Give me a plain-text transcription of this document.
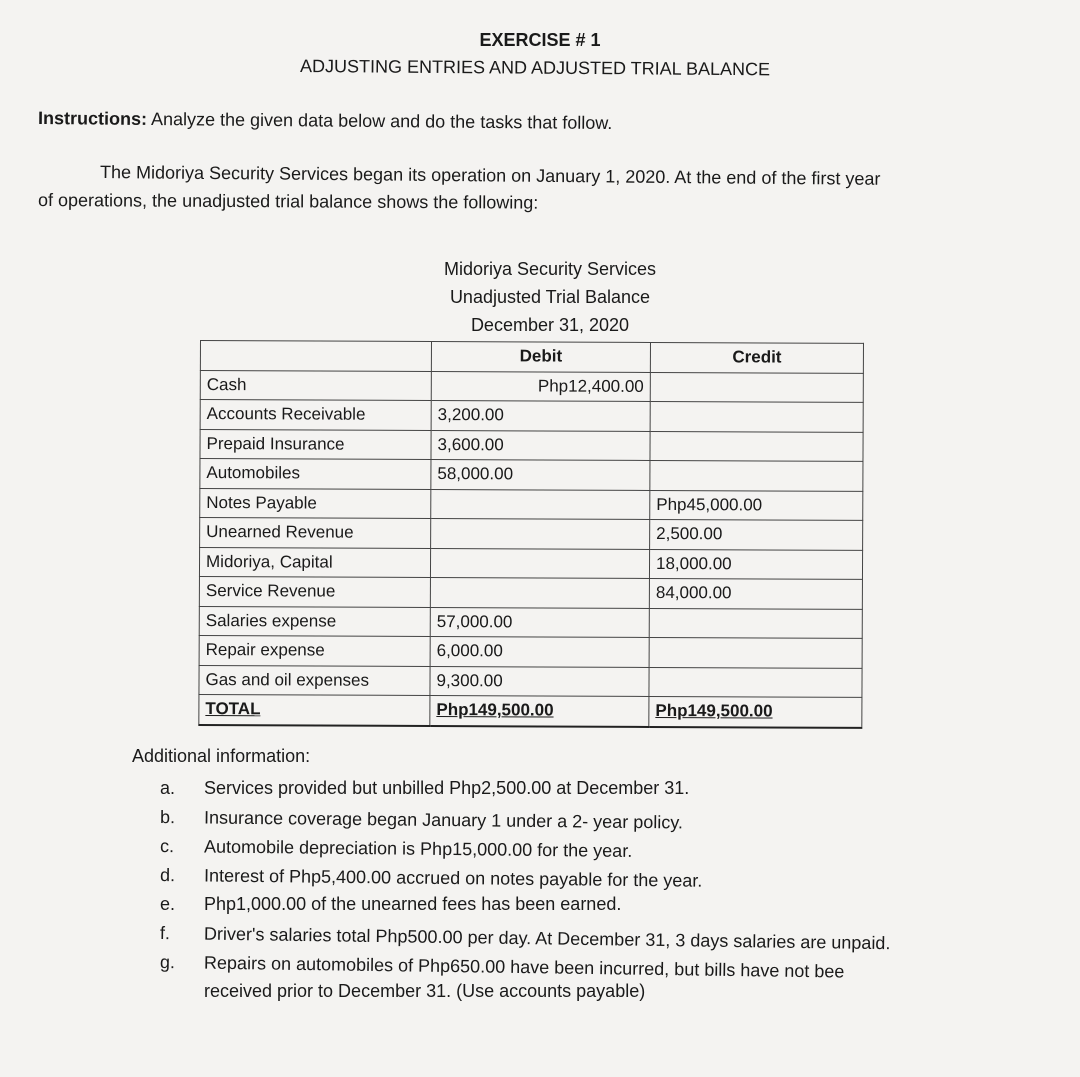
EXERCISE # 1
ADJUSTING ENTRIES AND ADJUSTED TRIAL BALANCE
Instructions: Analyze the given data below and do the tasks that follow.
The Midoriya Security Services began its operation on January 1, 2020. At the end of the first year
of operations, the unadjusted trial balance shows the following:
Midoriya Security Services
Unadjusted Trial Balance
December 31, 2020
	Debit	Credit
Cash	Php12,400.00	
Accounts Receivable	3,200.00	
Prepaid Insurance	3,600.00	
Automobiles	58,000.00	
Notes Payable		Php45,000.00
Unearned Revenue		2,500.00
Midoriya, Capital		18,000.00
Service Revenue		84,000.00
Salaries expense	57,000.00	
Repair expense	6,000.00	
Gas and oil expenses	9,300.00	
TOTAL	Php149,500.00	Php149,500.00
Additional information:
a. Services provided but unbilled Php2,500.00 at December 31.
b. Insurance coverage began January 1 under a 2- year policy.
c. Automobile depreciation is Php15,000.00 for the year.
d. Interest of Php5,400.00 accrued on notes payable for the year.
e. Php1,000.00 of the unearned fees has been earned.
f. Driver's salaries total Php500.00 per day. At December 31, 3 days salaries are unpaid.
g. Repairs on automobiles of Php650.00 have been incurred, but bills have not bee
received prior to December 31. (Use accounts payable)
